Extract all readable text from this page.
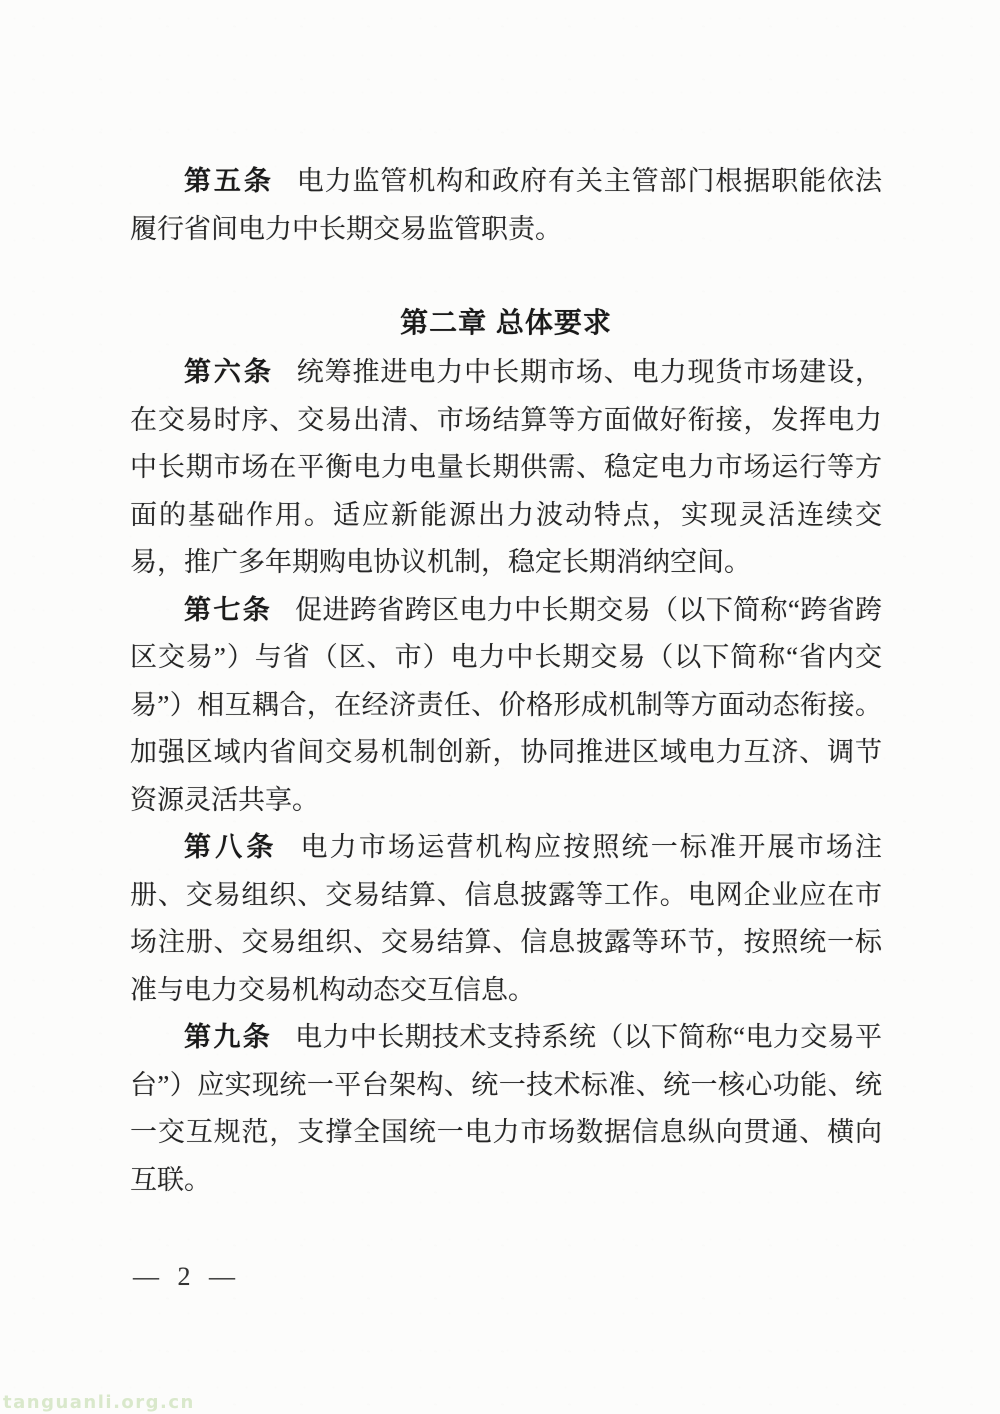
第五条 电力监管机构和政府有关主管部门根据职能依法履行省间电力中长期交易监管职责。

第二章 总体要求

第六条 统筹推进电力中长期市场、电力现货市场建设，在交易时序、交易出清、市场结算等方面做好衔接，发挥电力中长期市场在平衡电力电量长期供需、稳定电力市场运行等方面的基础作用。适应新能源出力波动特点，实现灵活连续交易，推广多年期购电协议机制，稳定长期消纳空间。

第七条 促进跨省跨区电力中长期交易（以下简称“跨省跨区交易”）与省（区、市）电力中长期交易（以下简称“省内交易”）相互耦合，在经济责任、价格形成机制等方面动态衔接。加强区域内省间交易机制创新，协同推进区域电力互济、调节资源灵活共享。

第八条 电力市场运营机构应按照统一标准开展市场注册、交易组织、交易结算、信息披露等工作。电网企业应在市场注册、交易组织、交易结算、信息披露等环节，按照统一标准与电力交易机构动态交互信息。

第九条 电力中长期技术支持系统（以下简称“电力交易平台”）应实现统一平台架构、统一技术标准、统一核心功能、统一交互规范，支撑全国统一电力市场数据信息纵向贯通、横向互联。

— 2 —
tanguanli.org.cn
